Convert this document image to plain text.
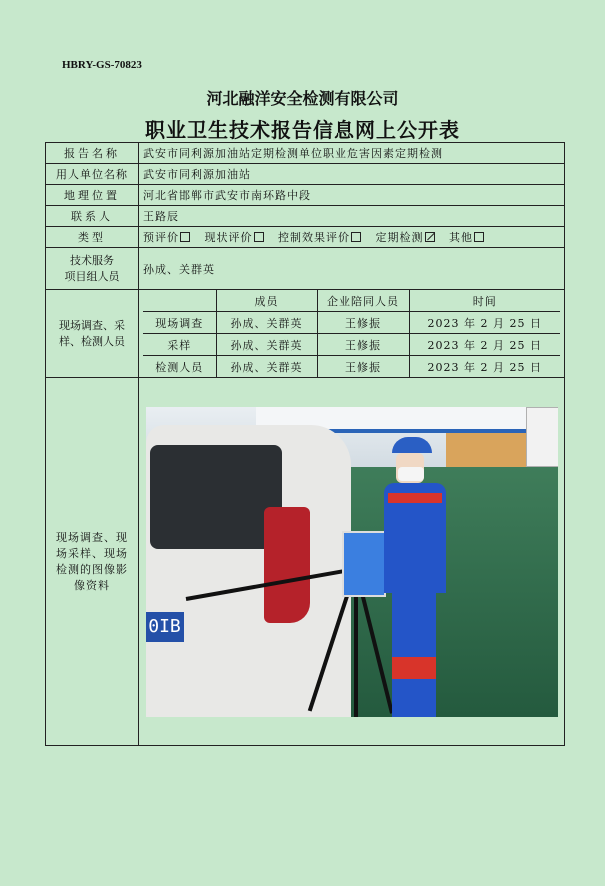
HBRY-GS-70823
河北融洋安全检测有限公司
职业卫生技术报告信息网上公开表
报告名称	武安市同利源加油站定期检测单位职业危害因素定期检测
用人单位名称	武安市同利源加油站
地理位置	河北省邯郸市武安市南环路中段
联系人	王路辰
类型	预评价 现状评价 控制效果评价 定期检测 其他

技术服务
项目组人员
	孙成、关群英

现场调查、采
样、检测人员

	成员	企业陪同人员	时间
现场调查	孙成、关群英	王修振	2023 年 2 月 25 日
采样	孙成、关群英	王修振	2023 年 2 月 25 日
检测人员	孙成、关群英	王修振	2023 年 2 月 25 日

现场调查、现
场采样、现场
检测的图像影
像资料

0IB
